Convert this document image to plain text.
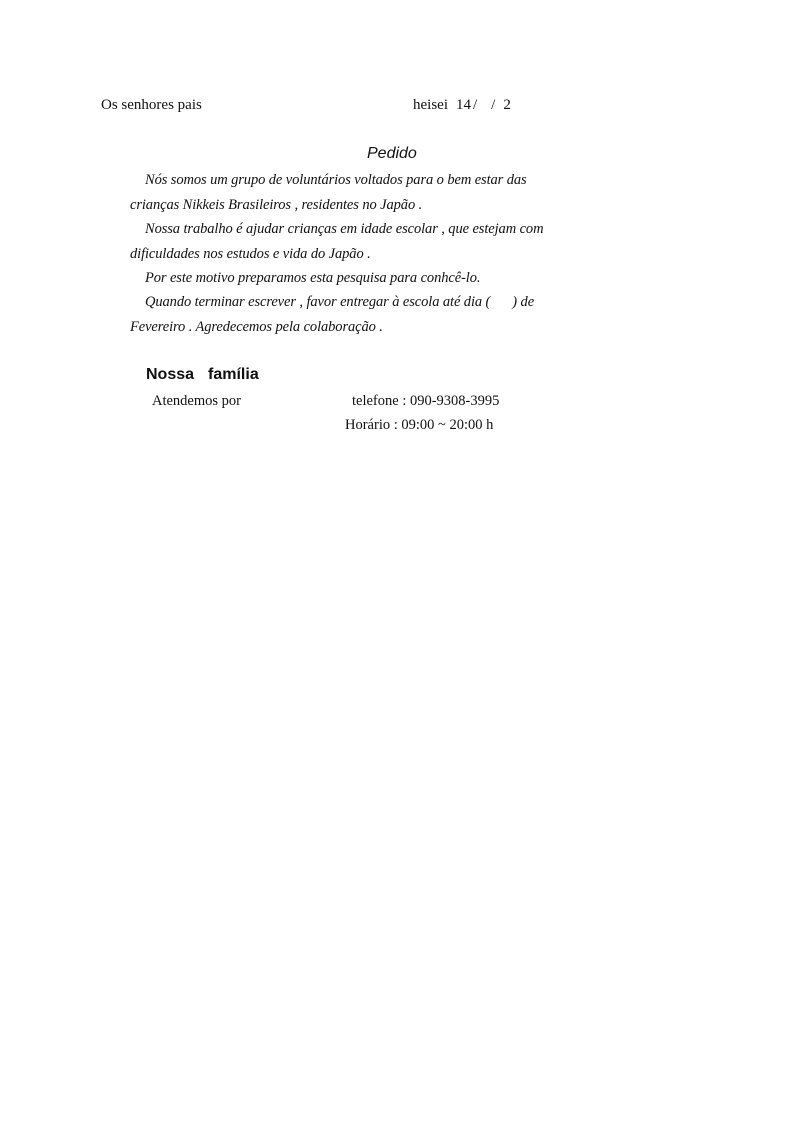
Os senhores pais	heisei 14 / / 2
Pedido
Nós somos um grupo de voluntários voltados para o bem estar das
crianças Nikkeis Brasileiros , residentes no Japão .
Nossa trabalho é ajudar crianças em idade escolar , que estejam com
dificuldades nos estudos e vida do Japão .
Por este motivo preparamos esta pesquisa para conhcê-lo.
Quando terminar escrever , favor entregar à escola até dia ( ) de
Fevereiro . Agredecemos pela colaboração .
Nossa família
Atendemos por	telefone : 090-9308-3995
Horário : 09:00 ~ 20:00 h
